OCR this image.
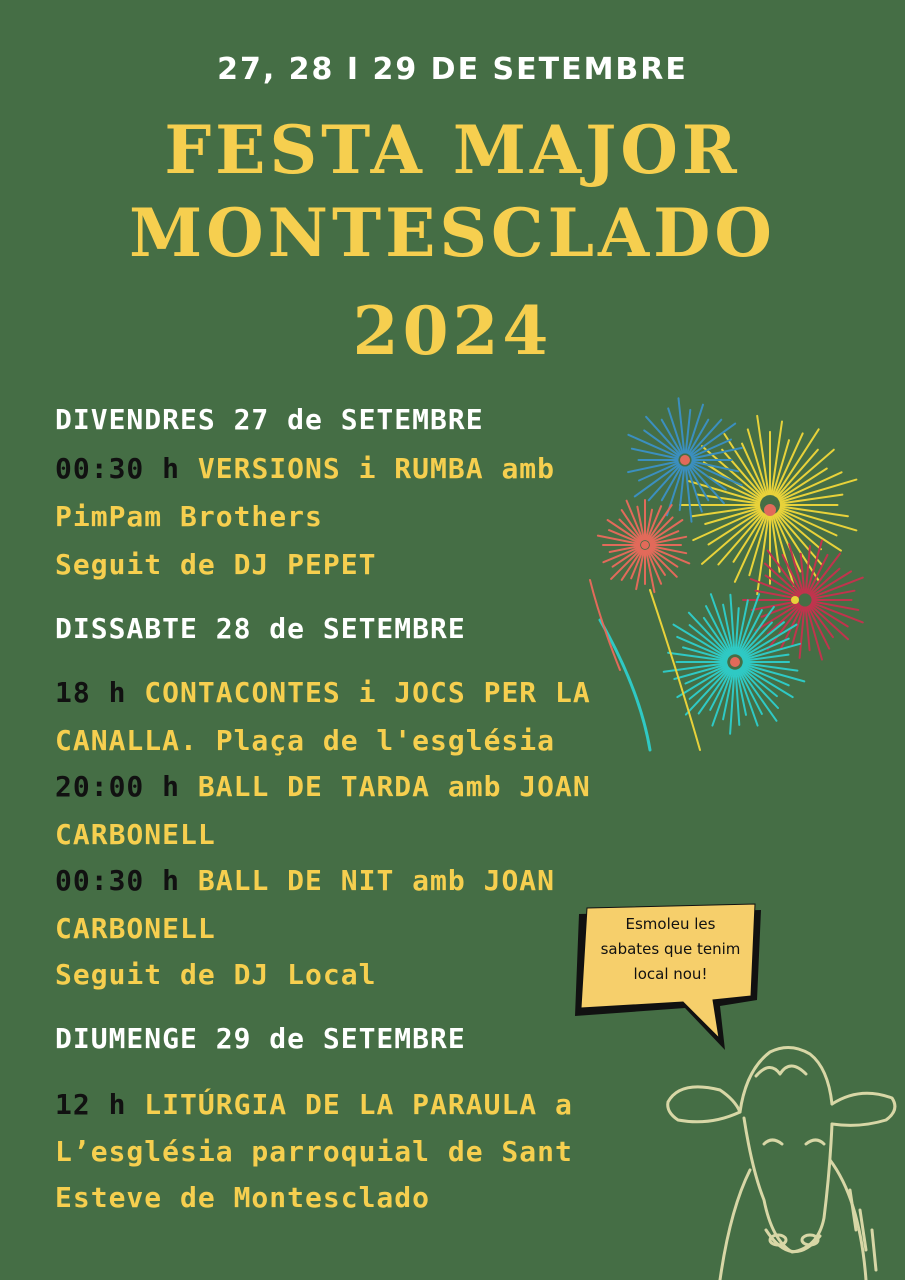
27, 28 I 29 DE SETEMBRE
FESTA MAJOR
MONTESCLADO
2024
DIVENDRES 27 de SETEMBRE
00:30 h VERSIONS i RUMBA amb
PimPam Brothers
Seguit de DJ PEPET
DISSABTE 28 de SETEMBRE
18 h CONTACONTES i JOCS PER LA
CANALLA. Plaça de l'església
20:00 h BALL DE TARDA amb JOAN
CARBONELL
00:30 h BALL DE NIT amb JOAN
CARBONELL
Seguit de DJ Local
DIUMENGE 29 de SETEMBRE
12 h LITÚRGIA DE LA PARAULA a
L’església parroquial de Sant
Esteve de Montesclado
Esmoleu les
sabates que tenim
local nou!
